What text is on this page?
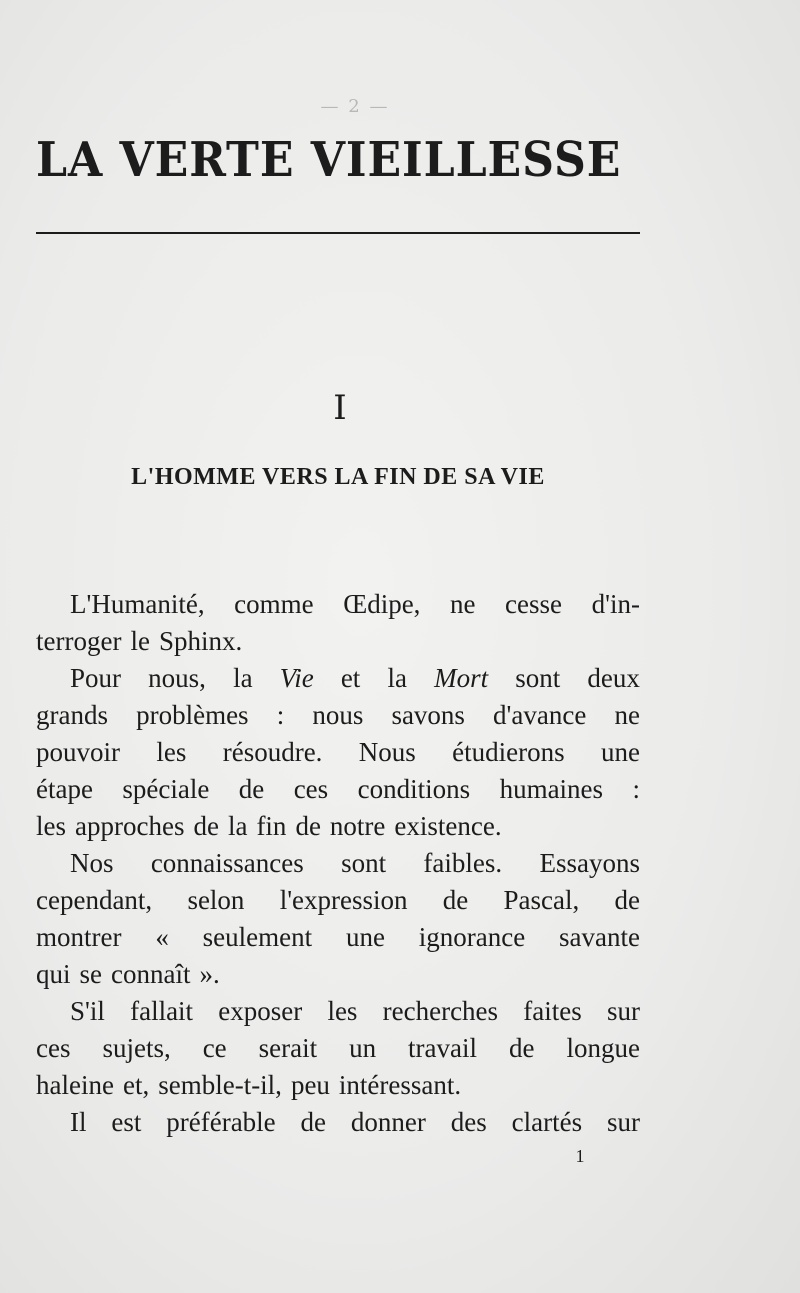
— 2 —
LA VERTE VIEILLESSE
I
L'HOMME VERS LA FIN DE SA VIE
L'Humanité, comme Œdipe, ne cesse d'in-
terroger le Sphinx.
Pour nous, la Vie et la Mort sont deux
grands problèmes : nous savons d'avance ne
pouvoir les résoudre. Nous étudierons une
étape spéciale de ces conditions humaines :
les approches de la fin de notre existence.
Nos connaissances sont faibles. Essayons
cependant, selon l'expression de Pascal, de
montrer « seulement une ignorance savante
qui se connaît ».
S'il fallait exposer les recherches faites sur
ces sujets, ce serait un travail de longue
haleine et, semble-t-il, peu intéressant.
Il est préférable de donner des clartés sur
1
